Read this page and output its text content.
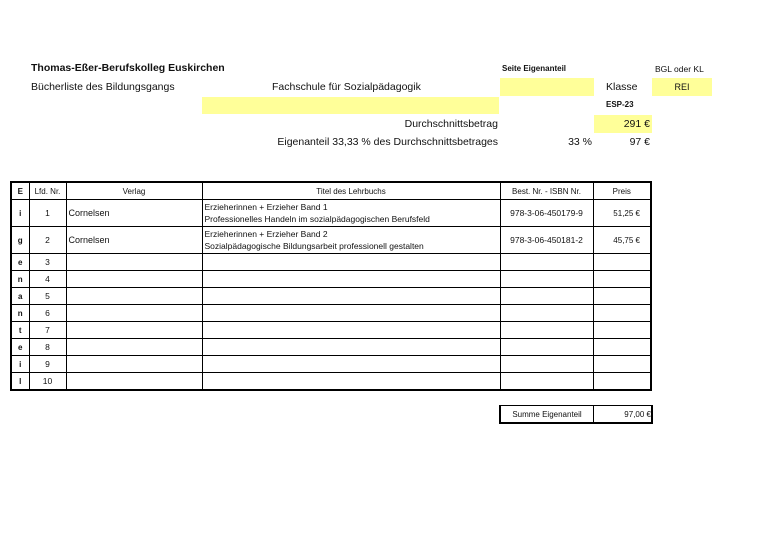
Thomas-Eßer-Berufskolleg Euskirchen
Bücherliste des Bildungsgangs	Fachschule für Sozialpädagogik
Seite Eigenanteil	BGL oder KL
Klasse	REI
ESP-23
Durchschnittsbetrag	291 €
Eigenanteil 33,33 % des Durchschnittsbetrages	33 %	97 €
E	Lfd. Nr.	Verlag	Titel des Lehrbuchs	Best. Nr. - ISBN Nr.	Preis
i	1	Cornelsen	Erzieherinnen + Erzieher Band 1
Professionelles Handeln im sozialpädagogischen Berufsfeld	978-3-06-450179-9	51,25 €
g	2	Cornelsen	Erzieherinnen + Erzieher Band 2
Sozialpädagogische Bildungsarbeit professionell gestalten	978-3-06-450181-2	45,75 €
e	3				
n	4				
a	5				
n	6				
t	7				
e	8				
i	9				
l	10				
Summe Eigenanteil	97,00 €
